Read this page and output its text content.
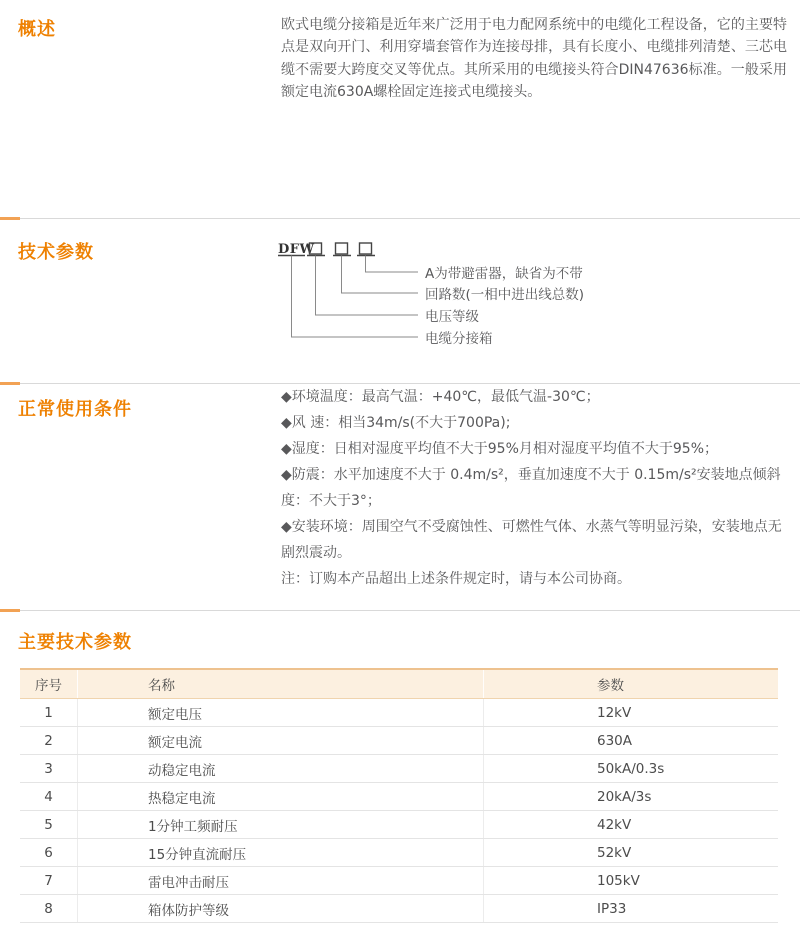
概述	欧式电缆分接箱是近年来广泛用于电力配网系统中的电缆化工程设备，它的主要特点是双向开门、利用穿墙套管作为连接母排，具有长度小、电缆排列清楚、三芯电缆不需要大跨度交叉等优点。其所采用的电缆接头符合DIN47636标准。一般采用额定电流630A螺栓固定连接式电缆接头。
技术参数	DFW
A为带避雷器，缺省为不带
回路数(一相中进出线总数)
电压等级
电缆分接箱
正常使用条件
◆环境温度：最高气温：+40℃，最低气温-30℃；
◆风 速：相当34m/s(不大于700Pa);
◆湿度：日相对湿度平均值不大于95%月相对湿度平均值不大于95%；
◆防震：水平加速度不大于 0.4m/s²，垂直加速度不大于 0.15m/s²安装地点倾斜度：不大于3°；
◆安装环境：周围空气不受腐蚀性、可燃性气体、水蒸气等明显污染，安装地点无剧烈震动。
注：订购本产品超出上述条件规定时，请与本公司协商。
主要技术参数
序号	名称	参数
1	额定电压	12kV
2	额定电流	630A
3	动稳定电流	50kA/0.3s
4	热稳定电流	20kA/3s
5	1分钟工频耐压	42kV
6	15分钟直流耐压	52kV
7	雷电冲击耐压	105kV
8	箱体防护等级	IP33
